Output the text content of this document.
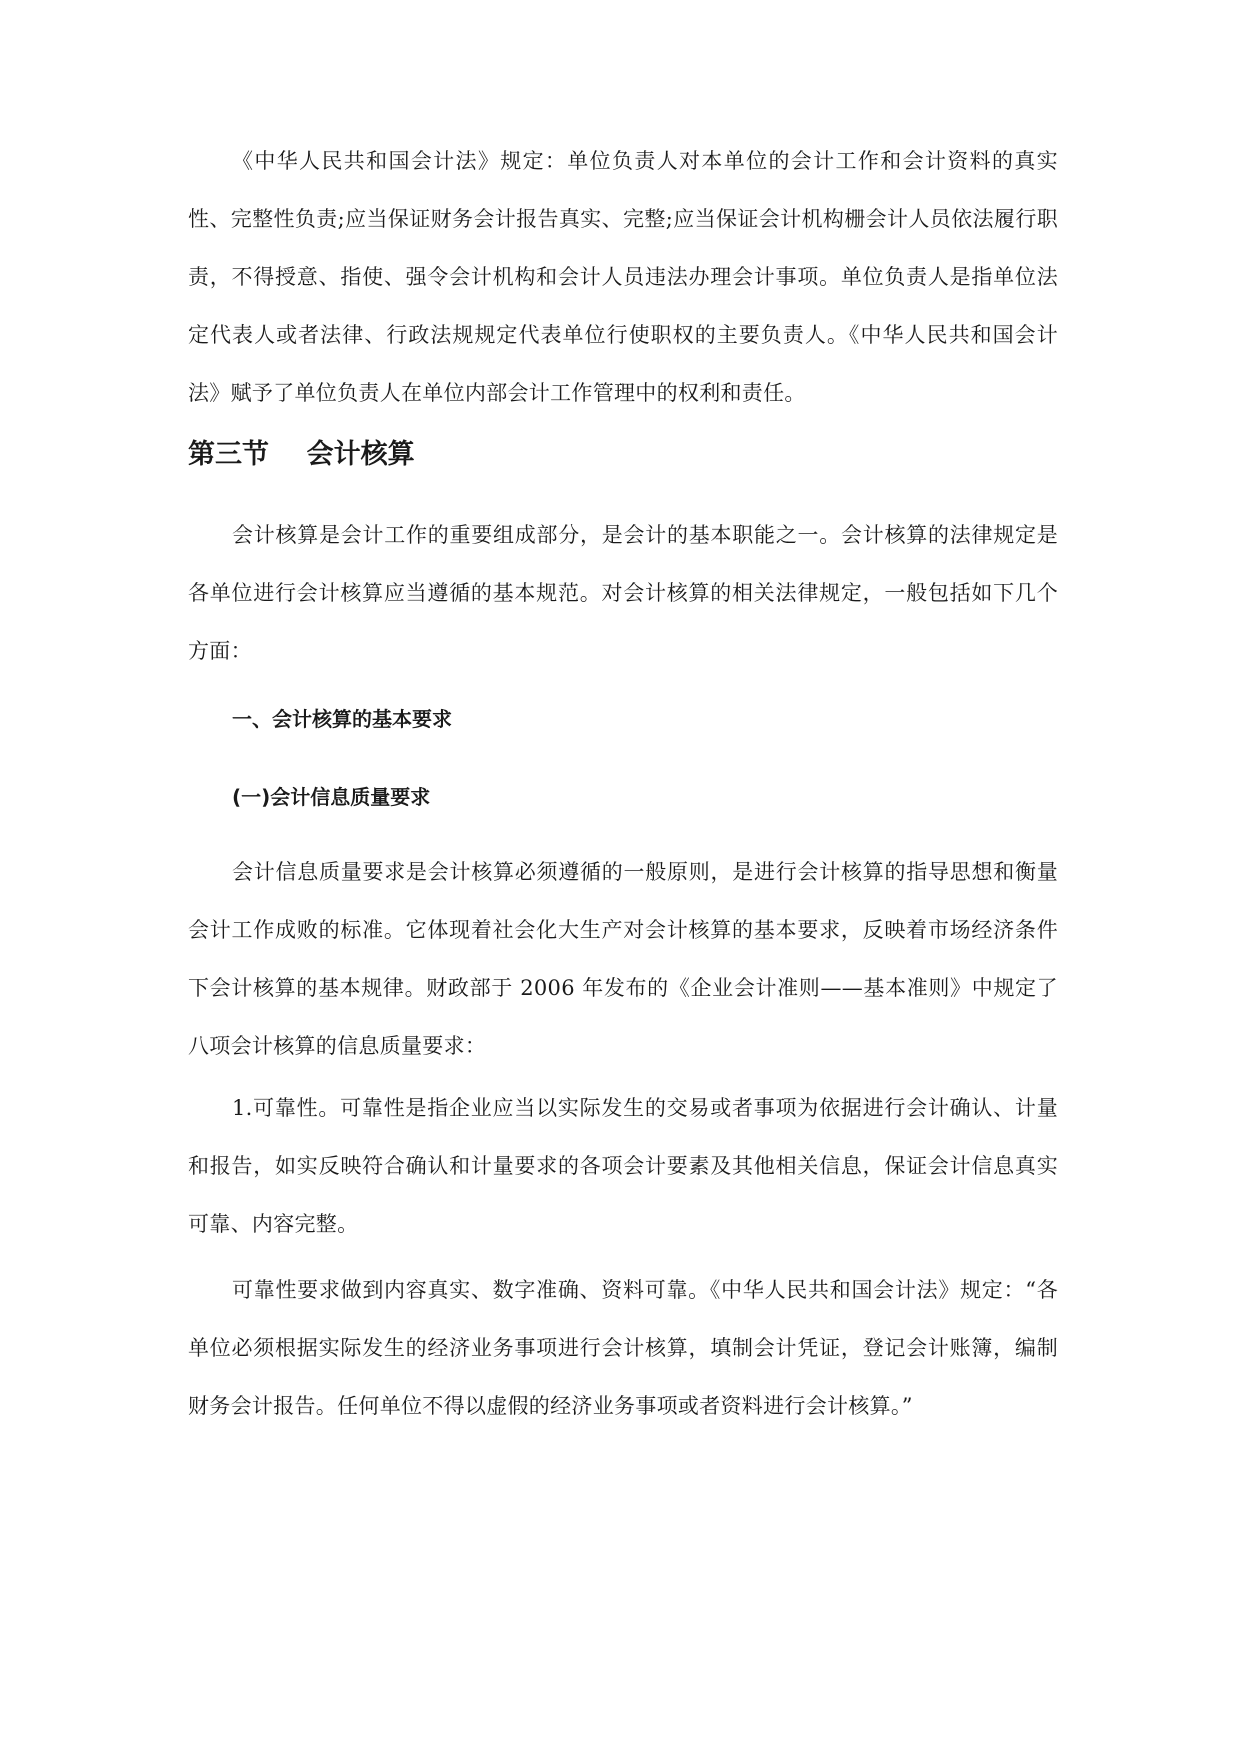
《中华人民共和国会计法》规定：单位负责人对本单位的会计工作和会计资料的真实性、完整性负责;应当保证财务会计报告真实、完整;应当保证会计机构栅会计人员依法履行职责，不得授意、指使、强令会计机构和会计人员违法办理会计事项。单位负责人是指单位法定代表人或者法律、行政法规规定代表单位行使职权的主要负责人。《中华人民共和国会计法》赋予了单位负责人在单位内部会计工作管理中的权利和责任。

第三节    会计核算

会计核算是会计工作的重要组成部分，是会计的基本职能之一。会计核算的法律规定是各单位进行会计核算应当遵循的基本规范。对会计核算的相关法律规定，一般包括如下几个方面：

一、会计核算的基本要求
(一)会计信息质量要求

会计信息质量要求是会计核算必须遵循的一般原则，是进行会计核算的指导思想和衡量会计工作成败的标准。它体现着社会化大生产对会计核算的基本要求，反映着市场经济条件下会计核算的基本规律。财政部于 2006 年发布的《企业会计准则——基本准则》中规定了八项会计核算的信息质量要求：

1.可靠性。可靠性是指企业应当以实际发生的交易或者事项为依据进行会计确认、计量和报告，如实反映符合确认和计量要求的各项会计要素及其他相关信息，保证会计信息真实可靠、内容完整。

可靠性要求做到内容真实、数字准确、资料可靠。《中华人民共和国会计法》规定：“各单位必须根据实际发生的经济业务事项进行会计核算，填制会计凭证，登记会计账簿，编制财务会计报告。任何单位不得以虚假的经济业务事项或者资料进行会计核算。”
